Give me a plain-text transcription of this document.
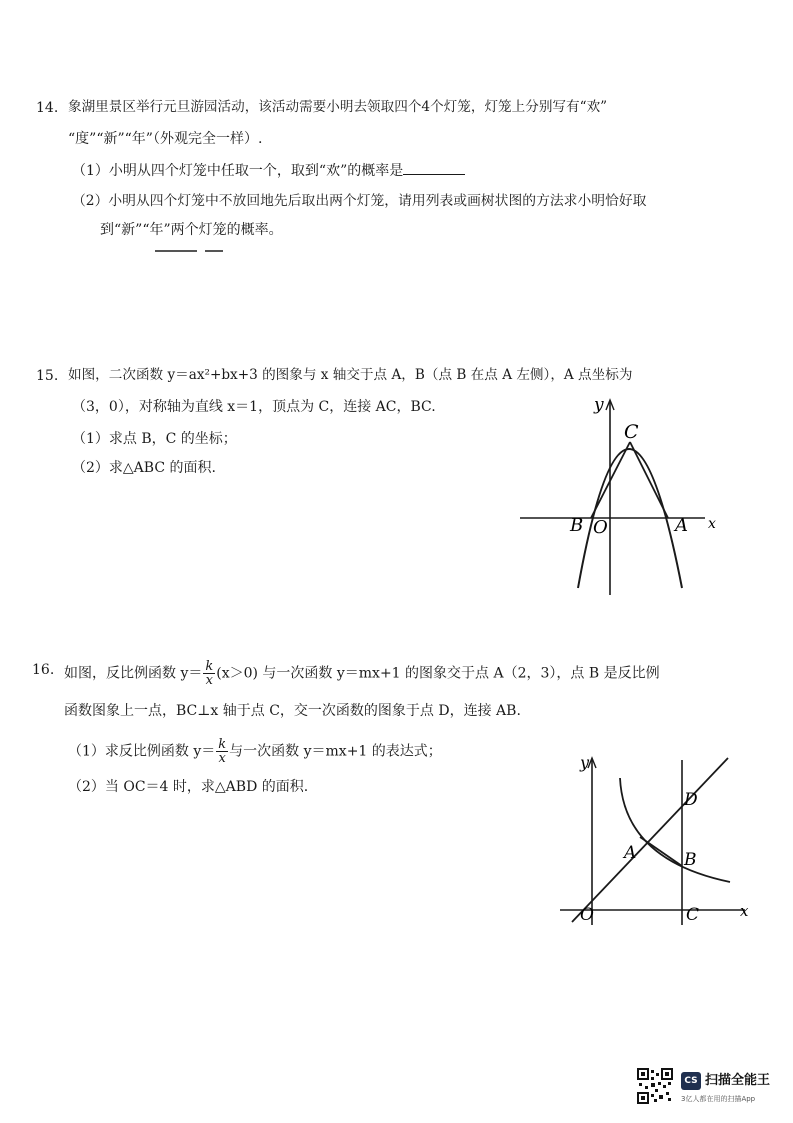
14. 象湖里景区举行元旦游园活动，该活动需要小明去领取四个4个灯笼，灯笼上分别写有“欢”
“度”“新”“年”（外观完全一样）.
（1）小明从四个灯笼中任取一个，取到“欢”的概率是
（2）小明从四个灯笼中不放回地先后取出两个灯笼，请用列表或画树状图的方法求小明恰好取
到“新”“年”两个灯笼的概率。
15. 如图，二次函数 y＝ax²+bx+3 的图象与 x 轴交于点 A，B（点 B 在点 A 左侧），A 点坐标为
（3，0），对称轴为直线 x＝1，顶点为 C，连接 AC，BC.
（1）求点 B，C 的坐标；
（2）求△ABC 的面积.
y
C
B O	A x
16. 如图，反比例函数 $y= \frac{k}{x} (x>0)$ 与一次函数 y＝mx+1 的图象交于点 A（2，3），点 B 是反比例
函数图象上一点，BC⊥x 轴于点 C，交一次函数的图象于点 D，连接 AB.
（1）求反比例函数 $y= \frac{k}{x}$ 与一次函数 y＝mx+1 的表达式；
（2）当 OC＝4 时，求△ABD 的面积.
y
D
A	B
O	C	x
CS 扫描全能王
3亿人都在用的扫描App
